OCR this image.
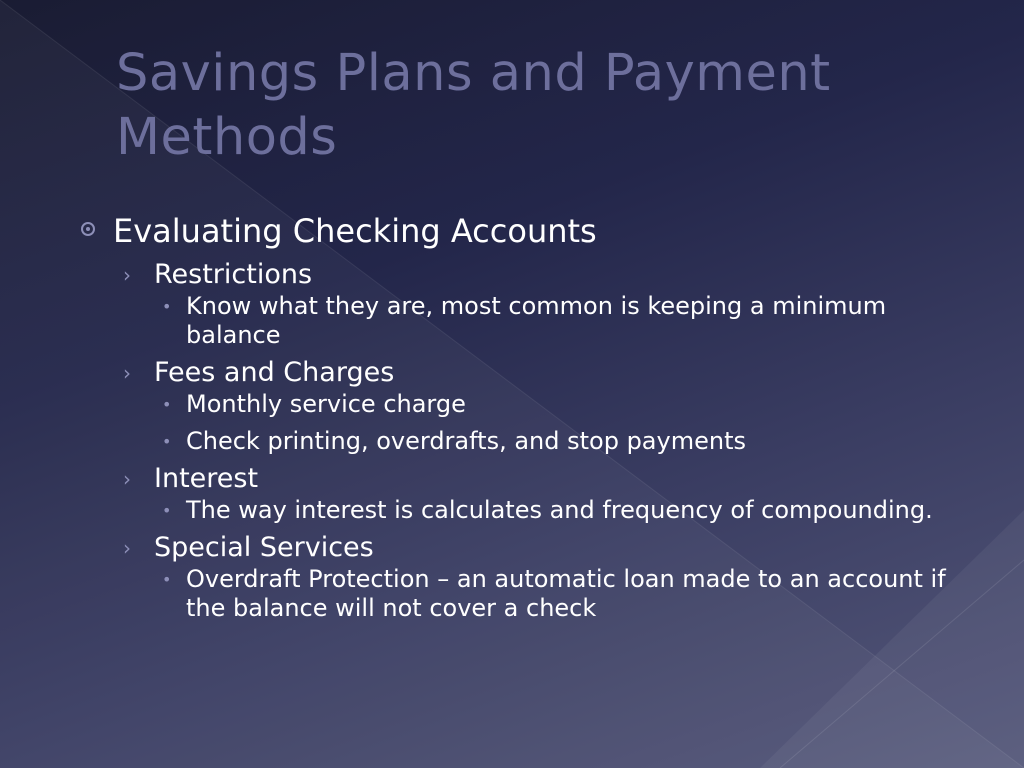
Savings Plans and Payment
Methods
Evaluating Checking Accounts
› Restrictions
• Know what they are, most common is keeping a minimum balance
› Fees and Charges
• Monthly service charge
• Check printing, overdrafts, and stop payments
› Interest
• The way interest is calculates and frequency of compounding.
› Special Services
• Overdraft Protection – an automatic loan made to an account if the balance will not cover a check
